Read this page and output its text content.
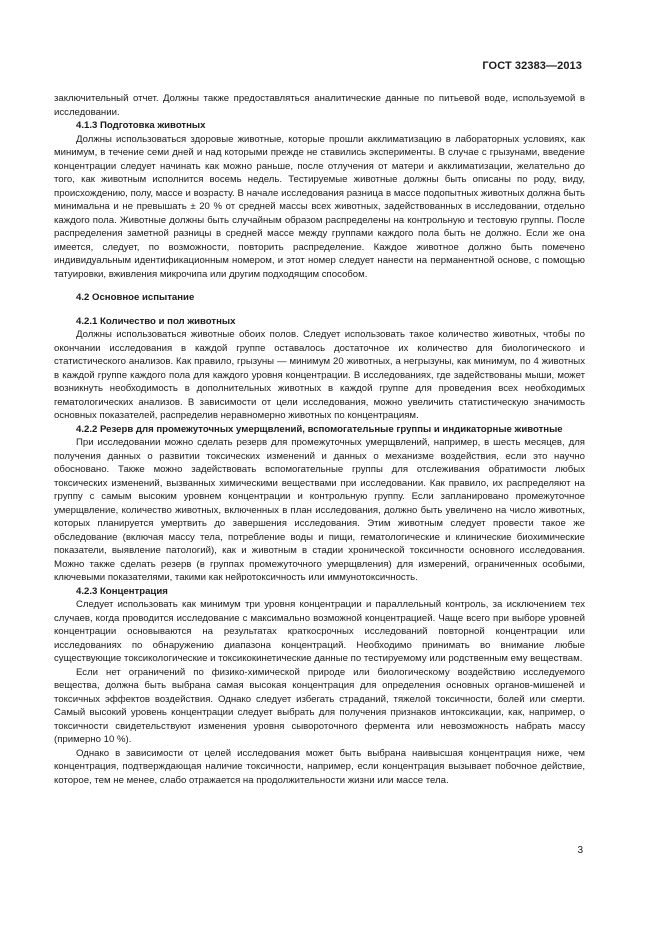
ГОСТ 32383—2013

заключительный отчет. Должны также предоставляться аналитические данные по питьевой воде, используемой в исследовании.

4.1.3 Подготовка животных

Должны использоваться здоровые животные, которые прошли акклиматизацию в лабораторных условиях, как минимум, в течение семи дней и над которыми прежде не ставились эксперименты. В случае с грызунами, введение концентрации следует начинать как можно раньше, после отлучения от матери и акклиматизации, желательно до того, как животным исполнится восемь недель. Тестируемые животные должны быть описаны по роду, виду, происхождению, полу, массе и возрасту. В начале исследования разница в массе подопытных животных должна быть минимальна и не превышать ± 20 % от средней массы всех животных, задействованных в исследовании, отдельно каждого пола. Животные должны быть случайным образом распределены на контрольную и тестовую группы. После распределения заметной разницы в средней массе между группами каждого пола быть не должно. Если же она имеется, следует, по возможности, повторить распределение. Каждое животное должно быть помечено индивидуальным идентификационным номером, и этот номер следует нанести на перманентной основе, с помощью татуировки, вживления микрочипа или другим подходящим способом.

4.2 Основное испытание

4.2.1 Количество и пол животных

Должны использоваться животные обоих полов. Следует использовать такое количество животных, чтобы по окончании исследования в каждой группе оставалось достаточное их количество для биологического и статистического анализов. Как правило, грызуны — минимум 20 животных, а негрызуны, как минимум, по 4 животных в каждой группе каждого пола для каждого уровня концентрации. В исследованиях, где задействованы мыши, может возникнуть необходимость в дополнительных животных в каждой группе для проведения всех необходимых гематологических анализов. В зависимости от цели исследования, можно увеличить статистическую значимость основных показателей, распределив неравномерно животных по концентрациям.

4.2.2 Резерв для промежуточных умерщвлений, вспомогательные группы и индикаторные животные

При исследовании можно сделать резерв для промежуточных умерщвлений, например, в шесть месяцев, для получения данных о развитии токсических изменений и данных о механизме воздействия, если это научно обосновано. Также можно задействовать вспомогательные группы для отслеживания обратимости любых токсических изменений, вызванных химическими веществами при исследовании. Как правило, их распределяют на группу с самым высоким уровнем концентрации и контрольную группу. Если запланировано промежуточное умерщвление, количество животных, включенных в план исследования, должно быть увеличено на число животных, которых планируется умертвить до завершения исследования. Этим животным следует провести такое же обследование (включая массу тела, потребление воды и пищи, гематологические и клинические биохимические показатели, выявление патологий), как и животным в стадии хронической токсичности основного исследования. Можно также сделать резерв (в группах промежуточного умерщвления) для измерений, ограниченных особыми, ключевыми показателями, такими как нейротоксичность или иммунотоксичность.

4.2.3 Концентрация

Следует использовать как минимум три уровня концентрации и параллельный контроль, за исключением тех случаев, когда проводится исследование с максимально возможной концентрацией. Чаще всего при выборе уровней концентрации основываются на результатах краткосрочных исследований повторной концентрации или исследованиях по обнаружению диапазона концентраций. Необходимо принимать во внимание любые существующие токсикологические и токсикокинетические данные по тестируемому или родственным ему веществам.

Если нет ограничений по физико-химической природе или биологическому воздействию исследуемого вещества, должна быть выбрана самая высокая концентрация для определения основных органов-мишеней и токсичных эффектов воздействия. Однако следует избегать страданий, тяжелой токсичности, болей или смерти. Самый высокий уровень концентрации следует выбрать для получения признаков интоксикации, как, например, о токсичности свидетельствуют изменения уровня сывороточного фермента или невозможность набрать массу (примерно 10 %).

Однако в зависимости от целей исследования может быть выбрана наивысшая концентрация ниже, чем концентрация, подтверждающая наличие токсичности, например, если концентрация вызывает побочное действие, которое, тем не менее, слабо отражается на продолжительности жизни или массе тела.

3
